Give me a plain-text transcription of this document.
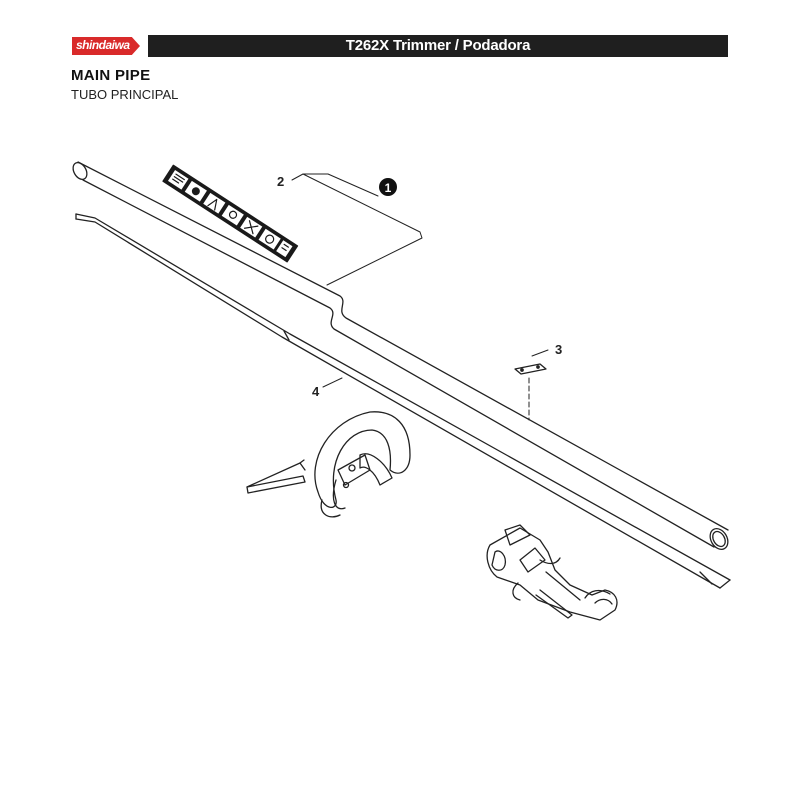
shindaiwa	T262X Trimmer / Podadora
MAIN PIPE
TUBO PRINCIPAL
1
2
3
4
